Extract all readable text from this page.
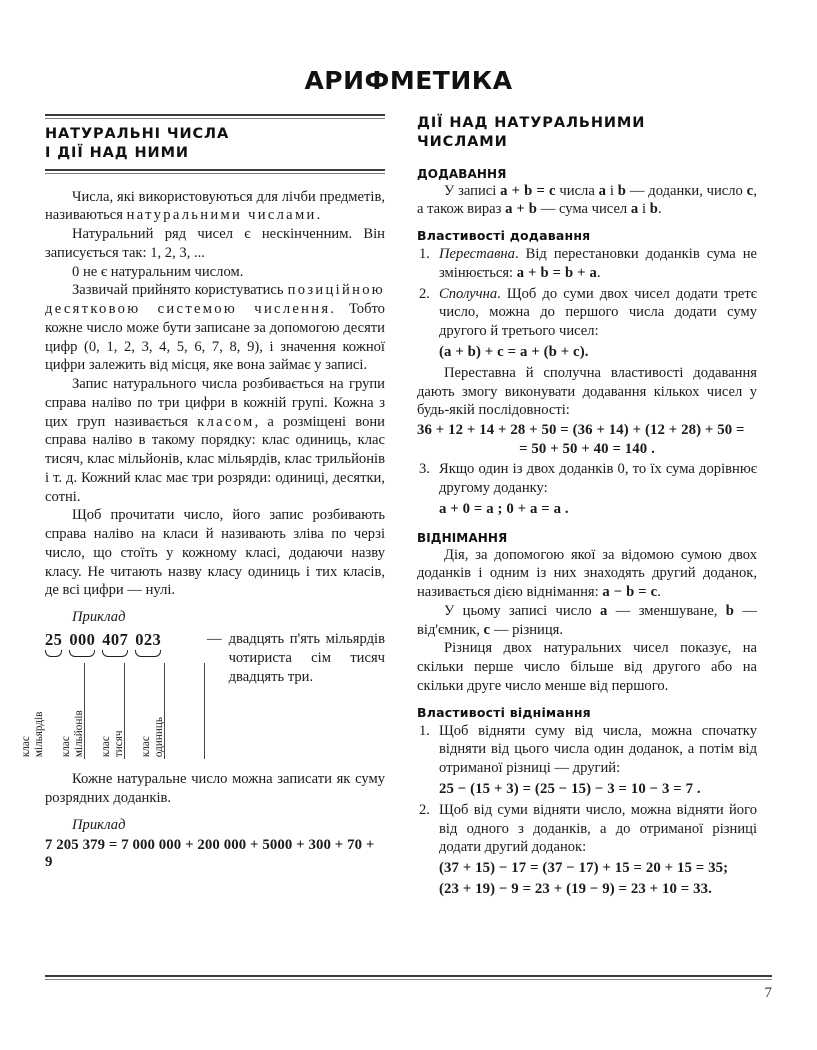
АРИФМЕТИКА
НАТУРАЛЬНІ ЧИСЛА
І ДІЇ НАД НИМИ

Числа, які використовуються для лічби предметів, називаються натуральними числами.

Натуральний ряд чисел є нескінченним. Він записується так: 1, 2, 3, ...

0 не є натуральним числом.

Зазвичай прийнято користуватись позиційною десятковою системою числення. Тобто кожне число може бути записане за допомогою десяти цифр (0, 1, 2, 3, 4, 5, 6, 7, 8, 9), і значення кожної цифри залежить від місця, яке вона займає у записі.

Запис натурального числа розбивається на групи справа наліво по три цифри в кожній групі. Кожна з цих груп називається класом, а розміщені вони справа наліво в такому порядку: клас одиниць, клас тисяч, клас мільйонів, клас мільярдів, клас трильйонів і т. д. Кожний клас має три розряди: одиниці, десятки, сотні.

Щоб прочитати число, його запис розбивають справа наліво на класи й називають зліва по черзі число, що стоїть у кожному класі, додаючи назву класу. Не читають назву класу одиниць і тих класів, де всі цифри — нулі.

Приклад
25 000 407 023
клас мільярдів клас мільйонів клас тисяч клас одиниць
— двадцять п'ять мільярдів чотириста сім тисяч двадцять три.

Кожне натуральне число можна записати як суму розрядних доданків.

Приклад
7 205 379 = 7 000 000 + 200 000 + 5000 + 300 + 70 + 9
ДІЇ НАД НАТУРАЛЬНИМИ
ЧИСЛАМИ
ДОДАВАННЯ

У записі a + b = c числа a і b — доданки, число c, а також вираз a + b — сума чисел a і b.

Властивості додавання
Переставна. Від перестановки доданків сума не змінюється: a + b = b + a.
Сполучна. Щоб до суми двох чисел додати третє число, можна до першого числа додати суму другого й третього чисел:
(a + b) + c = a + (b + c).

Переставна й сполучна властивості додавання дають змогу виконувати додавання кількох чисел у будь-якій послідовності:

36 + 12 + 14 + 28 + 50 = (36 + 14) + (12 + 28) + 50 =
= 50 + 50 + 40 = 140 .
Якщо один із двох доданків 0, то їх сума дорівнює другому доданку:
a + 0 = a ; 0 + a = a .
ВІДНІМАННЯ

Дія, за допомогою якої за відомою сумою двох доданків і одним із них знаходять другий доданок, називається дією віднімання: a − b = c.

У цьому записі число a — зменшуване, b — від'ємник, c — різниця.

Різниця двох натуральних чисел показує, на скільки перше число більше від другого або на скільки друге число менше від першого.

Властивості віднімання
Щоб відняти суму від числа, можна спочатку відняти від цього числа один доданок, а потім від отриманої різниці — другий:
25 − (15 + 3) = (25 − 15) − 3 = 10 − 3 = 7 .
Щоб від суми відняти число, можна відняти його від одного з доданків, а до отриманої різниці додати другий доданок:
(37 + 15) − 17 = (37 − 17) + 15 = 20 + 15 = 35;
(23 + 19) − 9 = 23 + (19 − 9) = 23 + 10 = 33.
7
